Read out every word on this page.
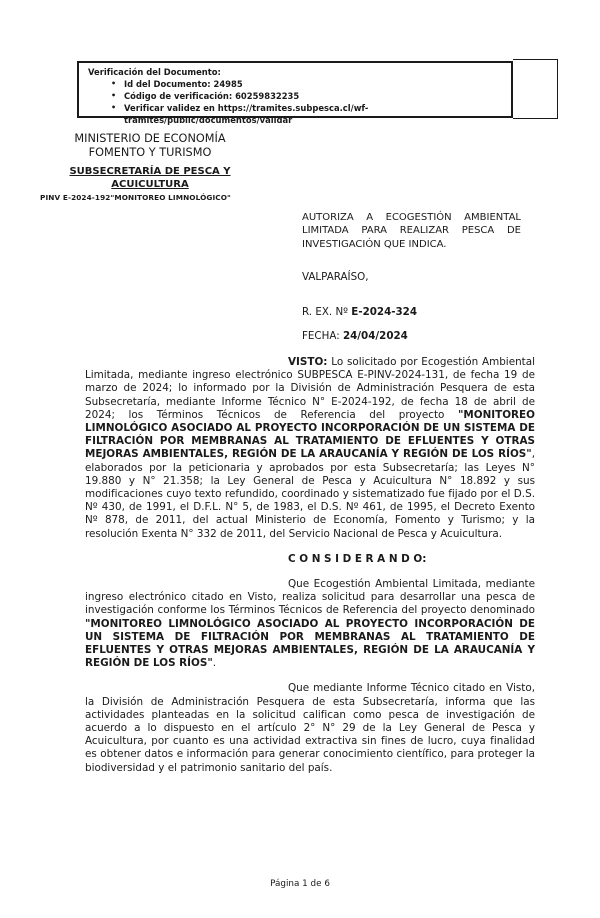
Verificación del Documento:
• Id del Documento: 24985
• Código de verificación: 60259832235
• Verificar validez en https://tramites.subpesca.cl/wf-tramites/public/documentos/validar
MINISTERIO DE ECONOMÍA
FOMENTO Y TURISMO
SUBSECRETARÍA DE PESCA Y ACUICULTURA
PINV E-2024-192"MONITOREO LIMNOLÓGICO"
AUTORIZA A ECOGESTIÓN AMBIENTAL LIMITADA PARA REALIZAR PESCA DE INVESTIGACIÓN QUE INDICA.
VALPARAÍSO,
R. EX. Nº E-2024-324
FECHA: 24/04/2024

VISTO: Lo solicitado por Ecogestión Ambiental Limitada, mediante ingreso electrónico SUBPESCA E-PINV-2024-131, de fecha 19 de marzo de 2024; lo informado por la División de Administración Pesquera de esta Subsecretaría, mediante Informe Técnico N° E-2024-192, de fecha 18 de abril de 2024; los Términos Técnicos de Referencia del proyecto "MONITOREO LIMNOLÓGICO ASOCIADO AL PROYECTO INCORPORACIÓN DE UN SISTEMA DE FILTRACIÓN POR MEMBRANAS AL TRATAMIENTO DE EFLUENTES Y OTRAS MEJORAS AMBIENTALES, REGIÓN DE LA ARAUCANÍA Y REGIÓN DE LOS RÍOS", elaborados por la peticionaria y aprobados por esta Subsecretaría; las Leyes N° 19.880 y N° 21.358; la Ley General de Pesca y Acuicultura N° 18.892 y sus modificaciones cuyo texto refundido, coordinado y sistematizado fue fijado por el D.S. Nº 430, de 1991, el D.F.L. N° 5, de 1983, el D.S. Nº 461, de 1995, el Decreto Exento Nº 878, de 2011, del actual Ministerio de Economía, Fomento y Turismo; y la resolución Exenta N° 332 de 2011, del Servicio Nacional de Pesca y Acuicultura.

C O N S I D E R A N D O:

Que Ecogestión Ambiental Limitada, mediante ingreso electrónico citado en Visto, realiza solicitud para desarrollar una pesca de investigación conforme los Términos Técnicos de Referencia del proyecto denominado "MONITOREO LIMNOLÓGICO ASOCIADO AL PROYECTO INCORPORACIÓN DE UN SISTEMA DE FILTRACIÓN POR MEMBRANAS AL TRATAMIENTO DE EFLUENTES Y OTRAS MEJORAS AMBIENTALES, REGIÓN DE LA ARAUCANÍA Y REGIÓN DE LOS RÍOS".

Que mediante Informe Técnico citado en Visto, la División de Administración Pesquera de esta Subsecretaría, informa que las actividades planteadas en la solicitud califican como pesca de investigación de acuerdo a lo dispuesto en el artículo 2° N° 29 de la Ley General de Pesca y Acuicultura, por cuanto es una actividad extractiva sin fines de lucro, cuya finalidad es obtener datos e información para generar conocimiento científico, para proteger la biodiversidad y el patrimonio sanitario del país.

Página 1 de 6
